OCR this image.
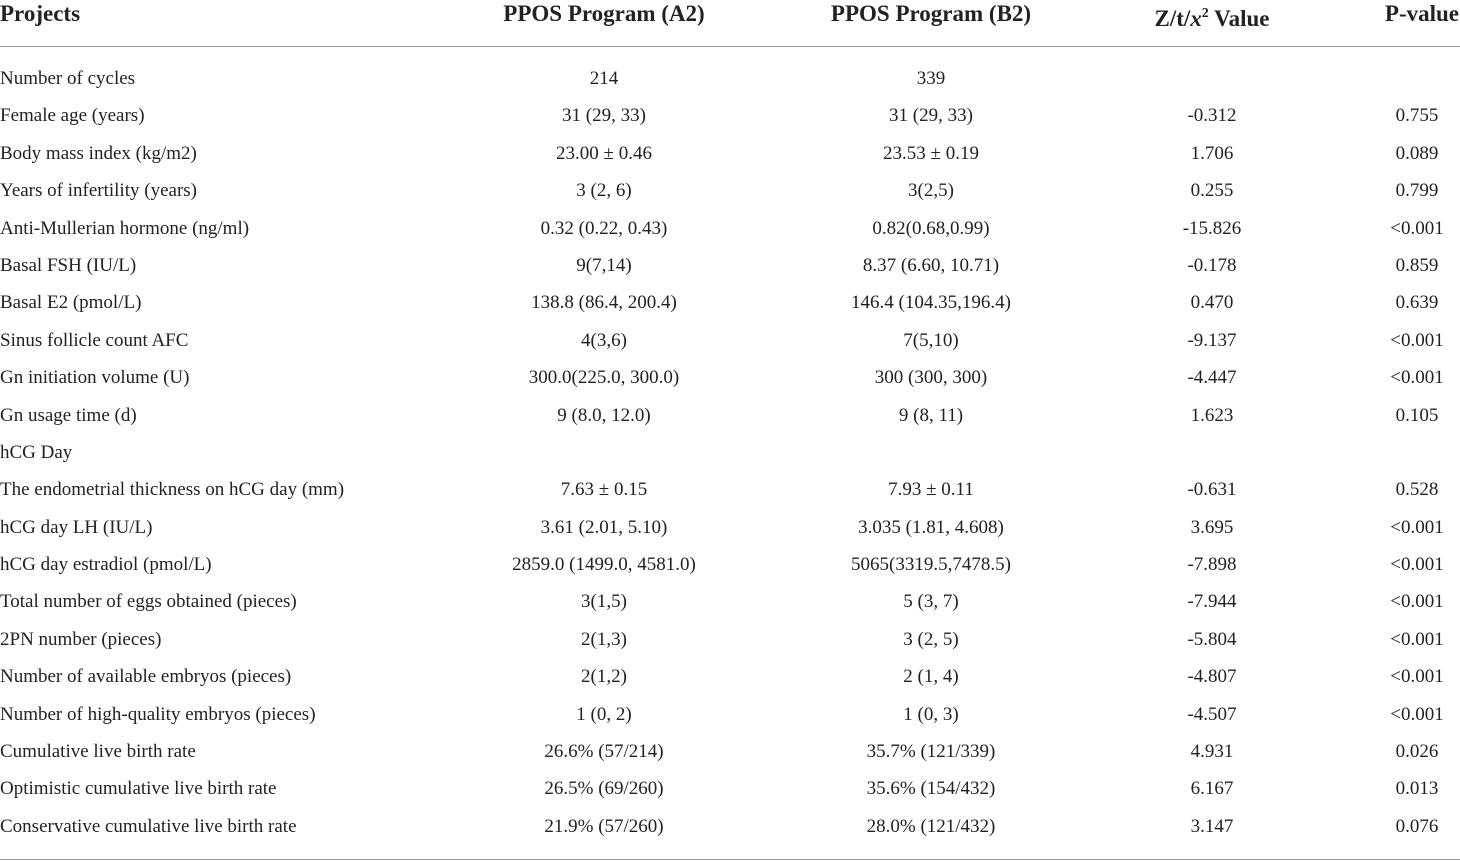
Projects	PPOS Program (A2)	PPOS Program (B2)	$Z/t/x^2$ Value	P-value
Number of cycles	214	339
Female age (years)	31 (29, 33)	31 (29, 33)	-0.312	0.755
Body mass index (kg/m2)	23.00 ± 0.46	23.53 ± 0.19	1.706	0.089
Years of infertility (years)	3 (2, 6)	3(2,5)	0.255	0.799
Anti-Mullerian hormone (ng/ml)	0.32 (0.22, 0.43)	0.82(0.68,0.99)	-15.826	<0.001
Basal FSH (IU/L)	9(7,14)	8.37 (6.60, 10.71)	-0.178	0.859
Basal E2 (pmol/L)	138.8 (86.4, 200.4)	146.4 (104.35,196.4)	0.470	0.639
Sinus follicle count AFC	4(3,6)	7(5,10)	-9.137	<0.001
Gn initiation volume (U)	300.0(225.0, 300.0)	300 (300, 300)	-4.447	<0.001
Gn usage time (d)	9 (8.0, 12.0)	9 (8, 11)	1.623	0.105
hCG Day
The endometrial thickness on hCG day (mm)	7.63 ± 0.15	7.93 ± 0.11	-0.631	0.528
hCG day LH (IU/L)	3.61 (2.01, 5.10)	3.035 (1.81, 4.608)	3.695	<0.001
hCG day estradiol (pmol/L)	2859.0 (1499.0, 4581.0)	5065(3319.5,7478.5)	-7.898	<0.001
Total number of eggs obtained (pieces)	3(1,5)	5 (3, 7)	-7.944	<0.001
2PN number (pieces)	2(1,3)	3 (2, 5)	-5.804	<0.001
Number of available embryos (pieces)	2(1,2)	2 (1, 4)	-4.807	<0.001
Number of high-quality embryos (pieces)	1 (0, 2)	1 (0, 3)	-4.507	<0.001
Cumulative live birth rate	26.6% (57/214)	35.7% (121/339)	4.931	0.026
Optimistic cumulative live birth rate	26.5% (69/260)	35.6% (154/432)	6.167	0.013
Conservative cumulative live birth rate	21.9% (57/260)	28.0% (121/432)	3.147	0.076
